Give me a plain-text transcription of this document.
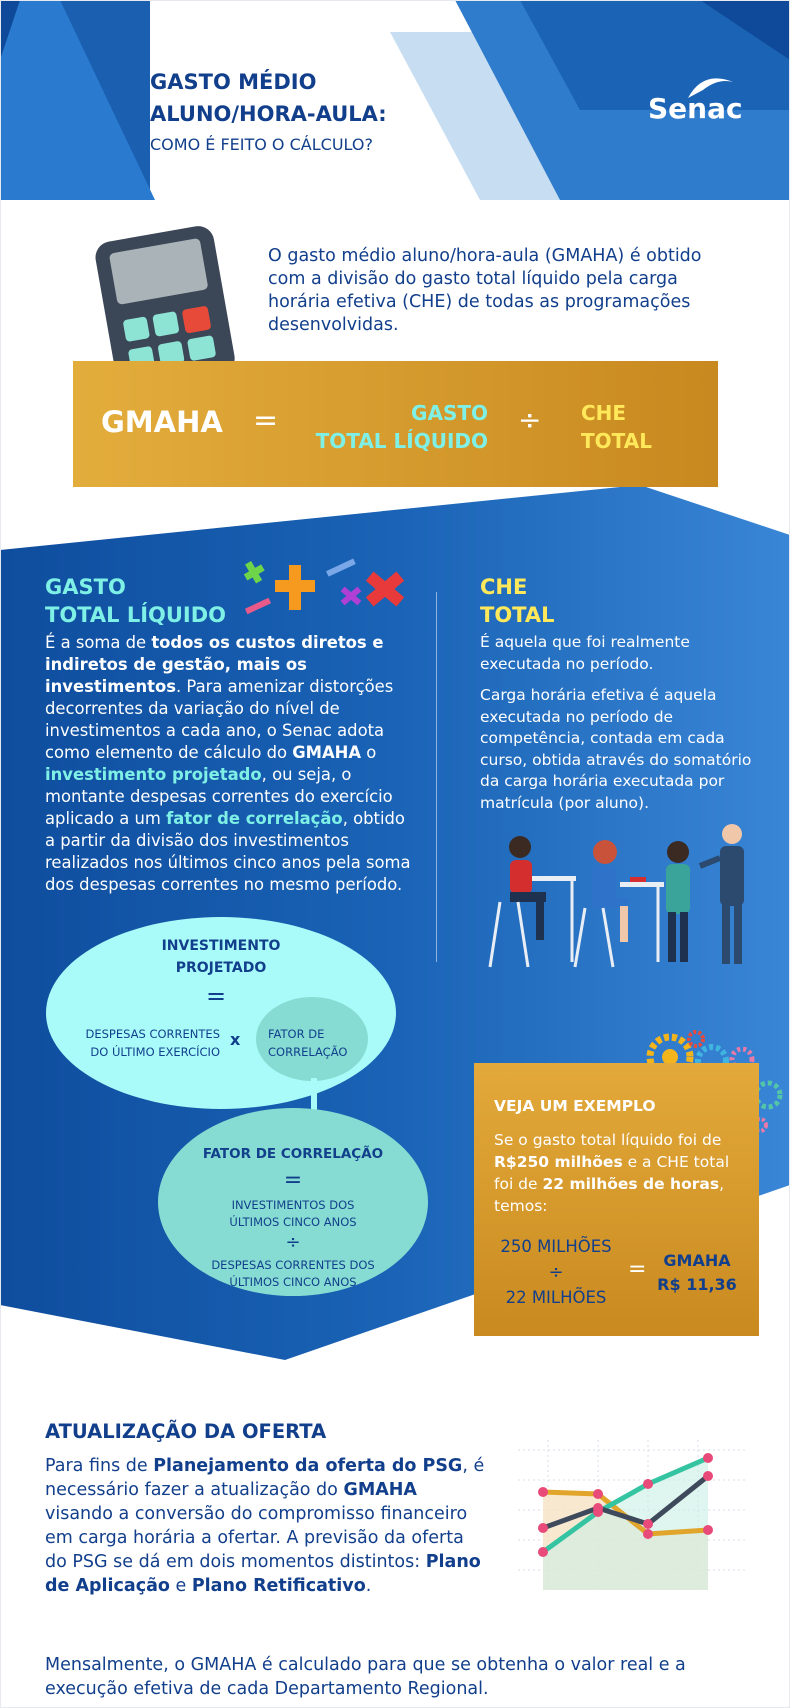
GASTO MÉDIO
ALUNO/HORA-AULA:
COMO É FEITO O CÁLCULO?
Senac
O gasto médio aluno/hora-aula (GMAHA) é obtido com a divisão do gasto total líquido pela carga horária efetiva (CHE) de todas as programações desenvolvidas.
GMAHA =	GASTO
TOTAL LÍQUIDO
÷ CHE
TOTAL
GASTO
TOTAL LÍQUIDO
É a soma de todos os custos diretos e indiretos de gestão, mais os investimentos. Para amenizar distorções decorrentes da variação do nível de investimentos a cada ano, o Senac adota como elemento de cálculo do GMAHA o investimento projetado, ou seja, o montante despesas correntes do exercício aplicado a um fator de correlação, obtido a partir da divisão dos investimentos realizados nos últimos cinco anos pela soma dos despesas correntes no mesmo período.
CHE
TOTAL
É aquela que foi realmente executada no período.
Carga horária efetiva é aquela executada no período de competência, contada em cada curso, obtida através do somatório da carga horária executada por matrícula (por aluno).
INVESTIMENTO
PROJETADO
=
DESPESAS CORRENTES
DO ÚLTIMO EXERCÍCIO
x FATOR DE
CORRELAÇÃO
FATOR DE CORRELAÇÃO
=
INVESTIMENTOS DOS
ÚLTIMOS CINCO ANOS
÷
DESPESAS CORRENTES DOS
ÚLTIMOS CINCO ANOS
VEJA UM EXEMPLO
Se o gasto total líquido foi de R$250 milhões e a CHE total foi de 22 milhões de horas, temos:
250 MILHÕES
÷
22 MILHÕES
=	GMAHA
R$ 11,36
ATUALIZAÇÃO DA OFERTA
Para fins de Planejamento da oferta do PSG, é necessário fazer a atualização do GMAHA visando a conversão do compromisso financeiro em carga horária a ofertar. A previsão da oferta do PSG se dá em dois momentos distintos: Plano de Aplicação e Plano Retificativo.
Mensalmente, o GMAHA é calculado para que se obtenha o valor real e a execução efetiva de cada Departamento Regional.
